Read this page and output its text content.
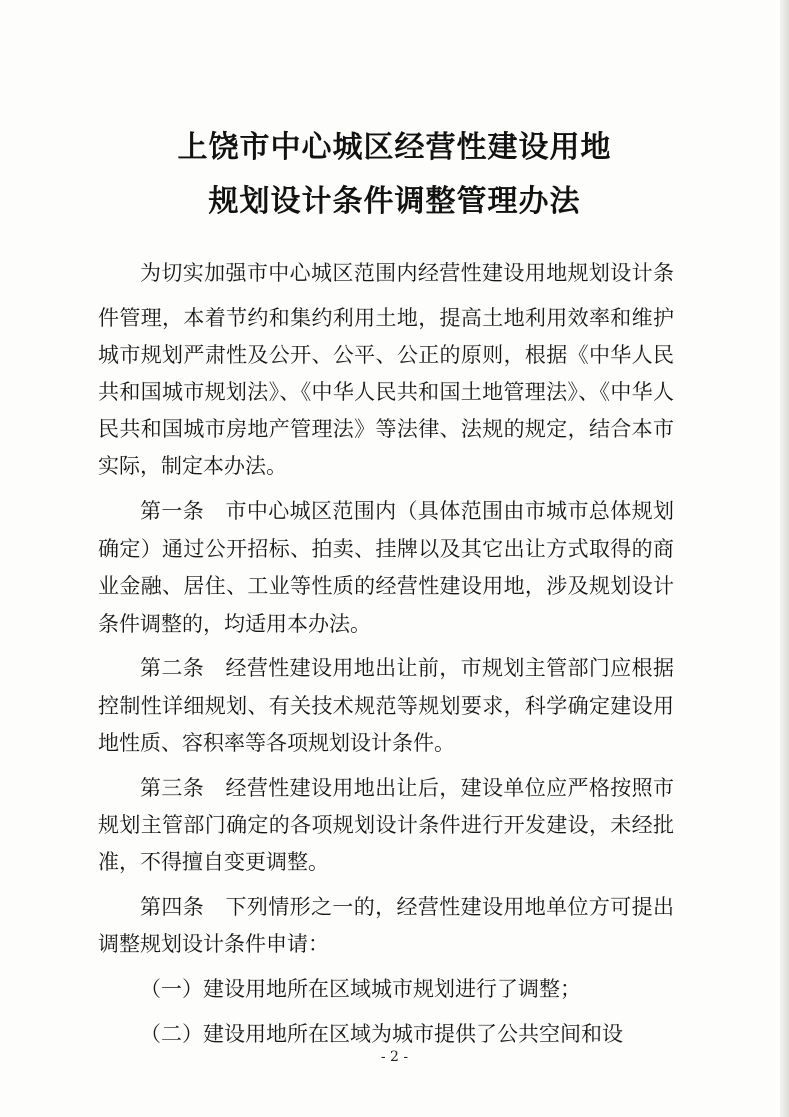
上饶市中心城区经营性建设用地
规划设计条件调整管理办法
为切实加强市中心城区范围内经营性建设用地规划设计条
件管理，本着节约和集约利用土地，提高土地利用效率和维护
城市规划严肃性及公开、公平、公正的原则，根据《中华人民
共和国城市规划法》、《中华人民共和国土地管理法》、《中华人
民共和国城市房地产管理法》等法律、法规的规定，结合本市
实际，制定本办法。
第一条　市中心城区范围内（具体范围由市城市总体规划
确定）通过公开招标、拍卖、挂牌以及其它出让方式取得的商
业金融、居住、工业等性质的经营性建设用地，涉及规划设计
条件调整的，均适用本办法。
第二条　经营性建设用地出让前，市规划主管部门应根据
控制性详细规划、有关技术规范等规划要求，科学确定建设用
地性质、容积率等各项规划设计条件。
第三条　经营性建设用地出让后，建设单位应严格按照市
规划主管部门确定的各项规划设计条件进行开发建设，未经批
准，不得擅自变更调整。
第四条　下列情形之一的，经营性建设用地单位方可提出
调整规划设计条件申请：
（一）建设用地所在区域城市规划进行了调整；
（二）建设用地所在区域为城市提供了公共空间和设
- 2 -
